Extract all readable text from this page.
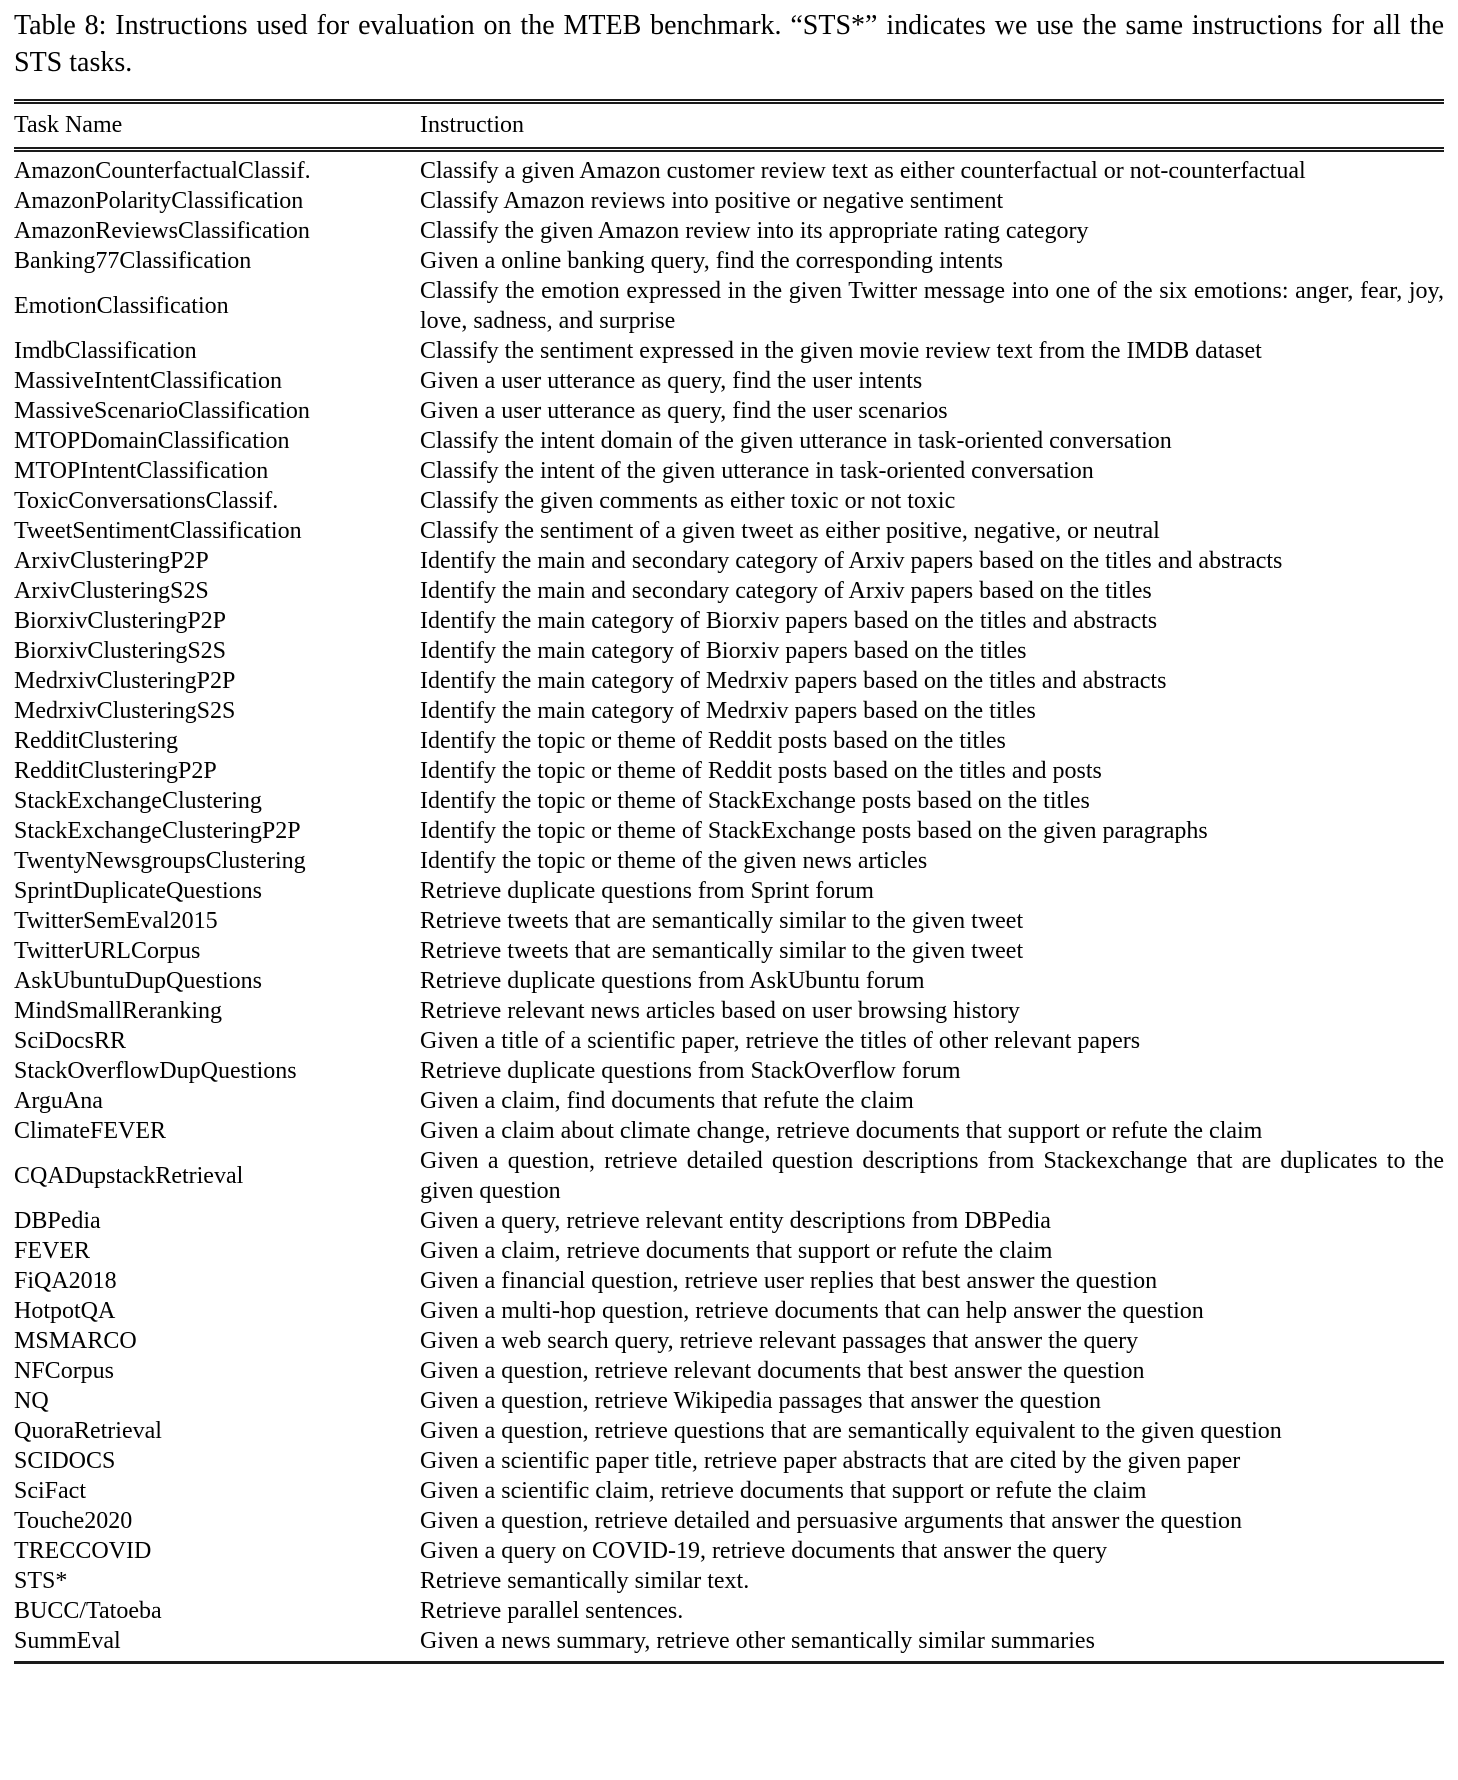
Table 8: Instructions used for evaluation on the MTEB benchmark. “STS*” indicates we use the same instructions for all the STS tasks.
Task Name	Instruction
AmazonCounterfactualClassif.	Classify a given Amazon customer review text as either counterfactual or not-counterfactual
AmazonPolarityClassification	Classify Amazon reviews into positive or negative sentiment
AmazonReviewsClassification	Classify the given Amazon review into its appropriate rating category
Banking77Classification	Given a online banking query, find the corresponding intents
EmotionClassification	Classify the emotion expressed in the given Twitter message into one of the six emotions: anger, fear, joy, love, sadness, and surprise
ImdbClassification	Classify the sentiment expressed in the given movie review text from the IMDB dataset
MassiveIntentClassification	Given a user utterance as query, find the user intents
MassiveScenarioClassification	Given a user utterance as query, find the user scenarios
MTOPDomainClassification	Classify the intent domain of the given utterance in task-oriented conversation
MTOPIntentClassification	Classify the intent of the given utterance in task-oriented conversation
ToxicConversationsClassif.	Classify the given comments as either toxic or not toxic
TweetSentimentClassification	Classify the sentiment of a given tweet as either positive, negative, or neutral
ArxivClusteringP2P	Identify the main and secondary category of Arxiv papers based on the titles and abstracts
ArxivClusteringS2S	Identify the main and secondary category of Arxiv papers based on the titles
BiorxivClusteringP2P	Identify the main category of Biorxiv papers based on the titles and abstracts
BiorxivClusteringS2S	Identify the main category of Biorxiv papers based on the titles
MedrxivClusteringP2P	Identify the main category of Medrxiv papers based on the titles and abstracts
MedrxivClusteringS2S	Identify the main category of Medrxiv papers based on the titles
RedditClustering	Identify the topic or theme of Reddit posts based on the titles
RedditClusteringP2P	Identify the topic or theme of Reddit posts based on the titles and posts
StackExchangeClustering	Identify the topic or theme of StackExchange posts based on the titles
StackExchangeClusteringP2P	Identify the topic or theme of StackExchange posts based on the given paragraphs
TwentyNewsgroupsClustering	Identify the topic or theme of the given news articles
SprintDuplicateQuestions	Retrieve duplicate questions from Sprint forum
TwitterSemEval2015	Retrieve tweets that are semantically similar to the given tweet
TwitterURLCorpus	Retrieve tweets that are semantically similar to the given tweet
AskUbuntuDupQuestions	Retrieve duplicate questions from AskUbuntu forum
MindSmallReranking	Retrieve relevant news articles based on user browsing history
SciDocsRR	Given a title of a scientific paper, retrieve the titles of other relevant papers
StackOverflowDupQuestions	Retrieve duplicate questions from StackOverflow forum
ArguAna	Given a claim, find documents that refute the claim
ClimateFEVER	Given a claim about climate change, retrieve documents that support or refute the claim
CQADupstackRetrieval	Given a question, retrieve detailed question descriptions from Stackexchange that are duplicates to the given question
DBPedia	Given a query, retrieve relevant entity descriptions from DBPedia
FEVER	Given a claim, retrieve documents that support or refute the claim
FiQA2018	Given a financial question, retrieve user replies that best answer the question
HotpotQA	Given a multi-hop question, retrieve documents that can help answer the question
MSMARCO	Given a web search query, retrieve relevant passages that answer the query
NFCorpus	Given a question, retrieve relevant documents that best answer the question
NQ	Given a question, retrieve Wikipedia passages that answer the question
QuoraRetrieval	Given a question, retrieve questions that are semantically equivalent to the given question
SCIDOCS	Given a scientific paper title, retrieve paper abstracts that are cited by the given paper
SciFact	Given a scientific claim, retrieve documents that support or refute the claim
Touche2020	Given a question, retrieve detailed and persuasive arguments that answer the question
TRECCOVID	Given a query on COVID-19, retrieve documents that answer the query
STS*	Retrieve semantically similar text.
BUCC/Tatoeba	Retrieve parallel sentences.
SummEval	Given a news summary, retrieve other semantically similar summaries
